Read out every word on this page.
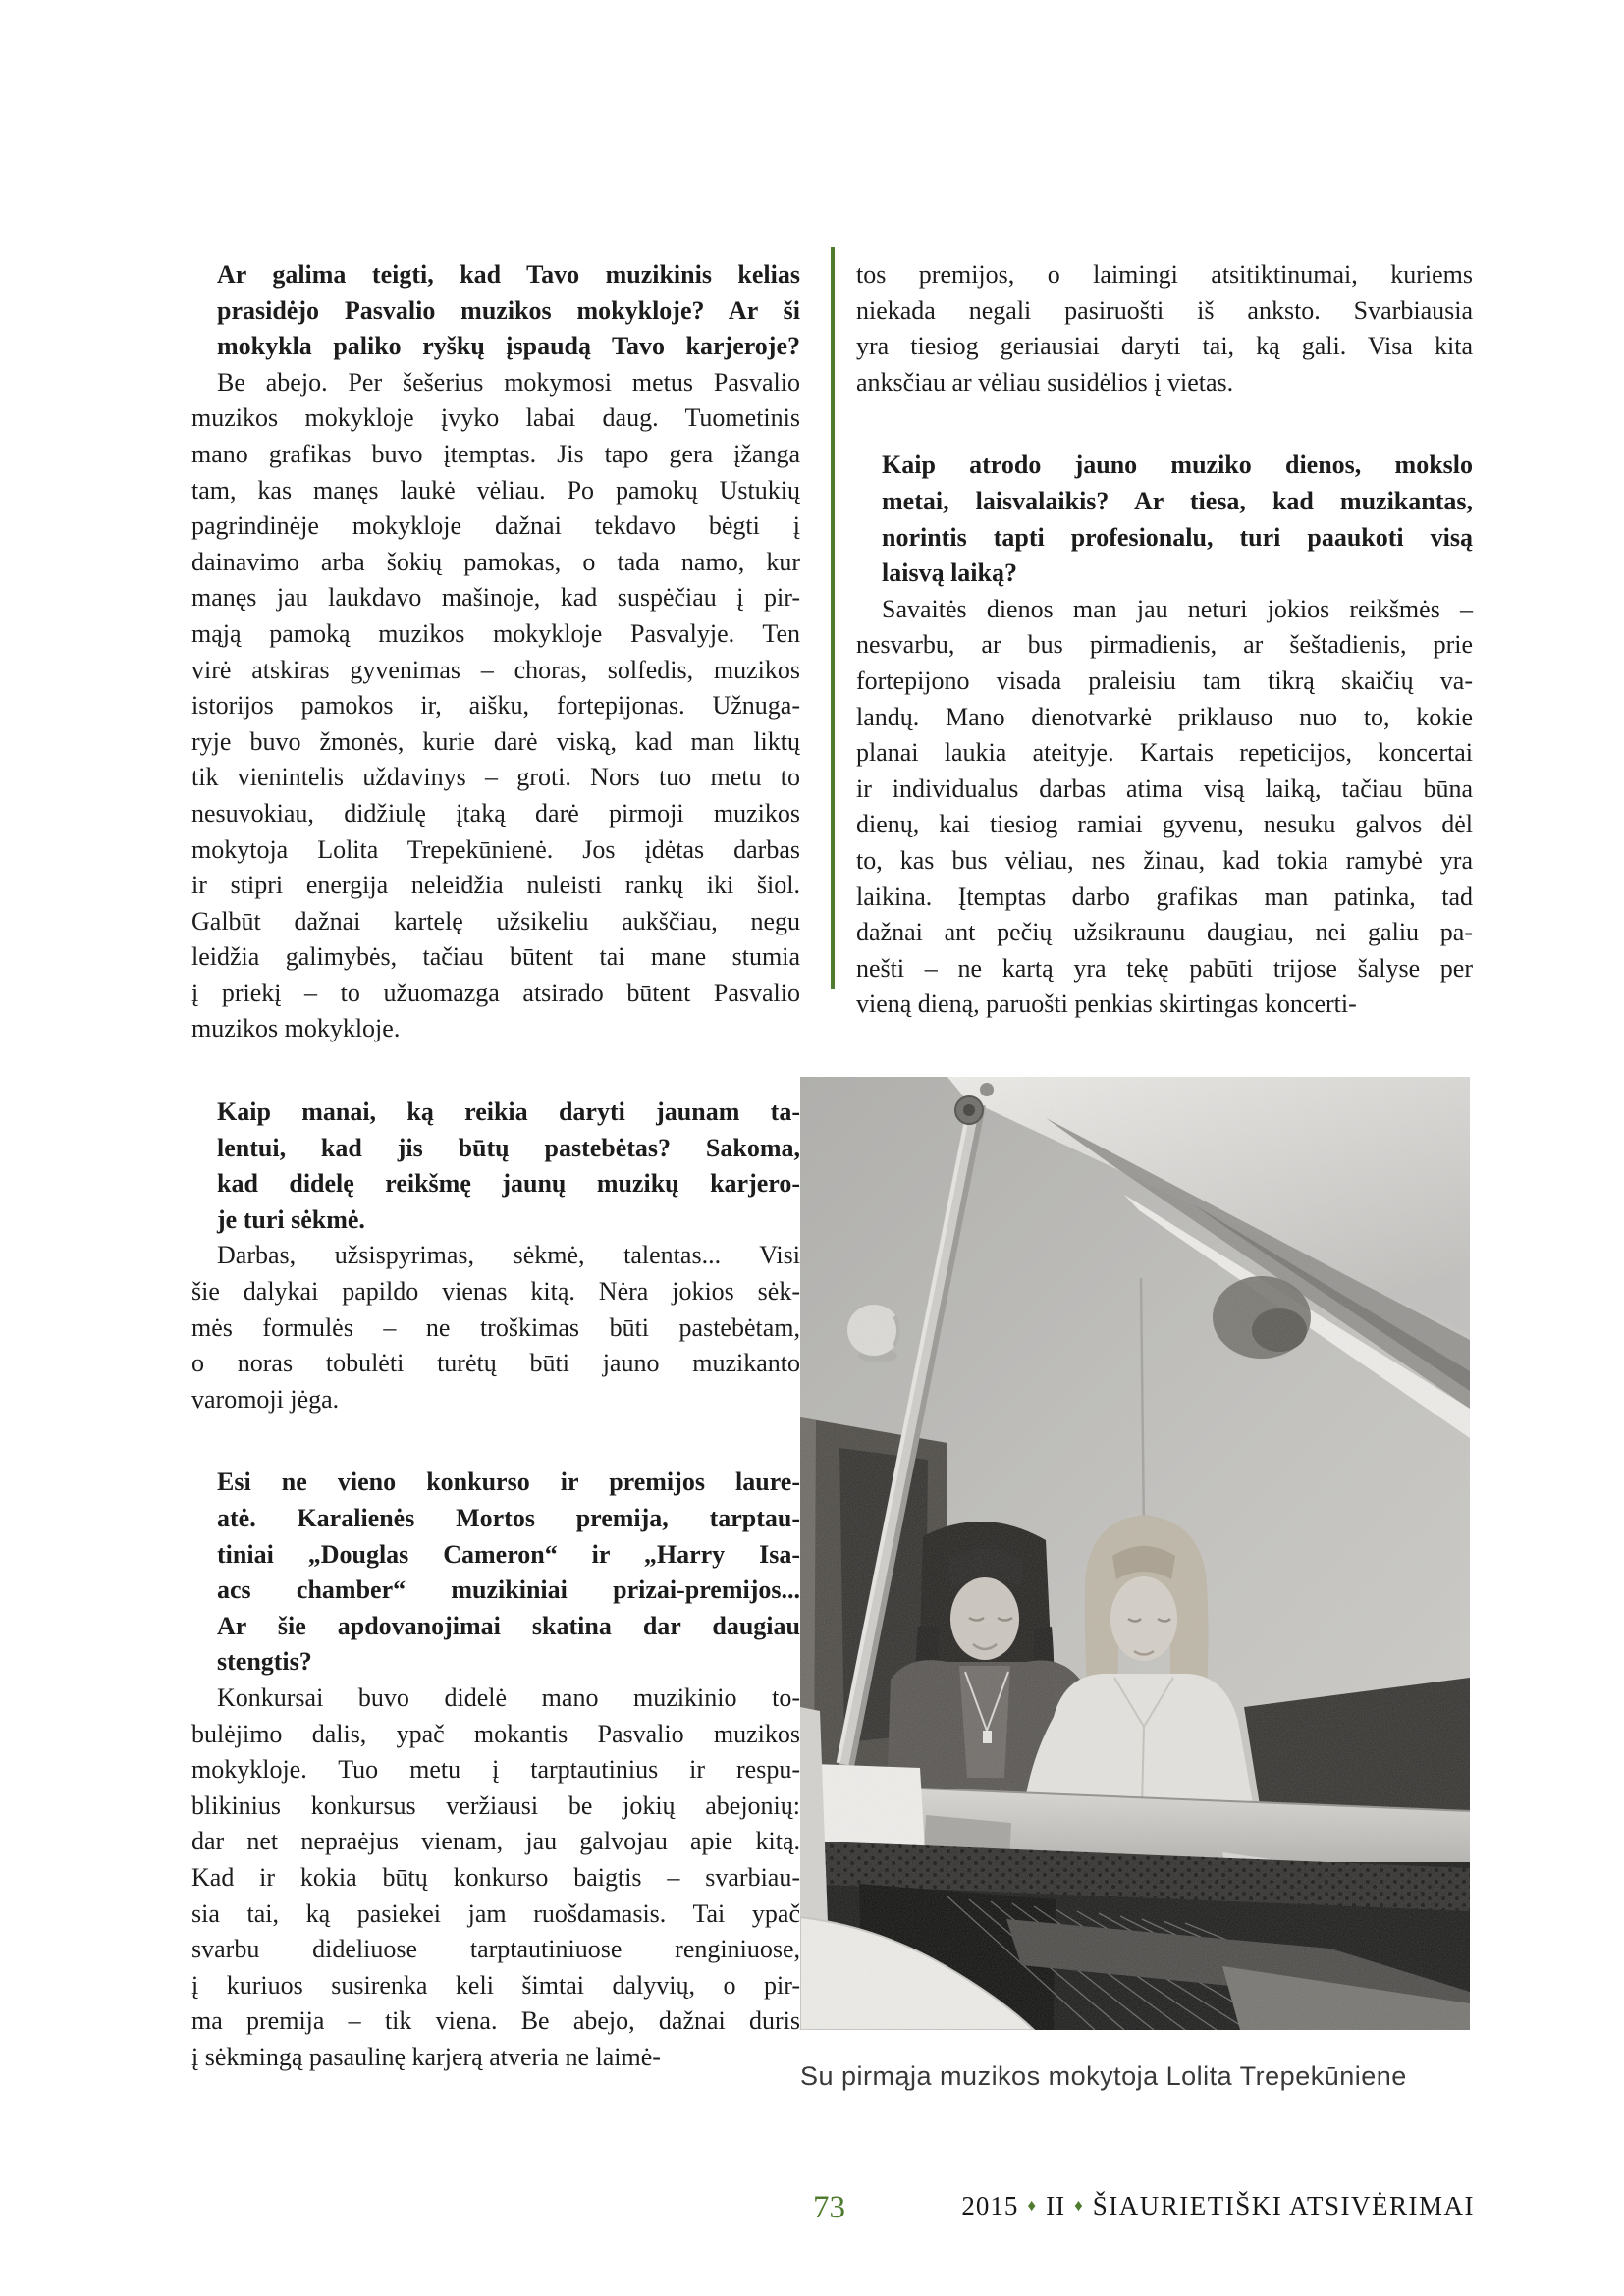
Ar galima teigti, kad Tavo muzikinis kelias
prasidėjo Pasvalio muzikos mokykloje? Ar ši
mokykla paliko ryškų įspaudą Tavo karjeroje?
Be abejo. Per šešerius mokymosi metus Pasvalio
muzikos mokykloje įvyko labai daug. Tuometinis
mano grafikas buvo įtemptas. Jis tapo gera įžanga
tam, kas manęs laukė vėliau. Po pamokų Ustukių
pagrindinėje mokykloje dažnai tekdavo bėgti į
dainavimo arba šokių pamokas, o tada namo, kur
manęs jau laukdavo mašinoje, kad suspėčiau į pir-
mąją pamoką muzikos mokykloje Pasvalyje. Ten
virė atskiras gyvenimas – choras, solfedis, muzikos
istorijos pamokos ir, aišku, fortepijonas. Užnuga-
ryje buvo žmonės, kurie darė viską, kad man liktų
tik vienintelis uždavinys – groti. Nors tuo metu to
nesuvokiau, didžiulę įtaką darė pirmoji muzikos
mokytoja Lolita Trepekūnienė. Jos įdėtas darbas
ir stipri energija neleidžia nuleisti rankų iki šiol.
Galbūt dažnai kartelę užsikeliu aukščiau, negu
leidžia galimybės, tačiau būtent tai mane stumia
į priekį – to užuomazga atsirado būtent Pasvalio
muzikos mokykloje.
Kaip manai, ką reikia daryti jaunam ta-
lentui, kad jis būtų pastebėtas? Sakoma,
kad didelę reikšmę jaunų muzikų karjero-
je turi sėkmė.
Darbas, užsispyrimas, sėkmė, talentas... Visi
šie dalykai papildo vienas kitą. Nėra jokios sėk-
mės formulės – ne troškimas būti pastebėtam,
o noras tobulėti turėtų būti jauno muzikanto
varomoji jėga.
Esi ne vieno konkurso ir premijos laure-
atė. Karalienės Mortos premija, tarptau-
tiniai „Douglas Cameron“ ir „Harry Isa-
acs chamber“ muzikiniai prizai-premijos...
Ar šie apdovanojimai skatina dar daugiau
stengtis?
Konkursai buvo didelė mano muzikinio to-
bulėjimo dalis, ypač mokantis Pasvalio muzikos
mokykloje. Tuo metu į tarptautinius ir respu-
blikinius konkursus veržiausi be jokių abejonių:
dar net nepraėjus vienam, jau galvojau apie kitą.
Kad ir kokia būtų konkurso baigtis – svarbiau-
sia tai, ką pasiekei jam ruošdamasis. Tai ypač
svarbu dideliuose tarptautiniuose renginiuose,
į kuriuos susirenka keli šimtai dalyvių, o pir-
ma premija – tik viena. Be abejo, dažnai duris
į sėkmingą pasaulinę karjerą atveria ne laimė-
tos premijos, o laimingi atsitiktinumai, kuriems
niekada negali pasiruošti iš anksto. Svarbiausia
yra tiesiog geriausiai daryti tai, ką gali. Visa kita
anksčiau ar vėliau susidėlios į vietas.
Kaip atrodo jauno muziko dienos, mokslo
metai, laisvalaikis? Ar tiesa, kad muzikantas,
norintis tapti profesionalu, turi paaukoti visą
laisvą laiką?
Savaitės dienos man jau neturi jokios reikšmės –
nesvarbu, ar bus pirmadienis, ar šeštadienis, prie
fortepijono visada praleisiu tam tikrą skaičių va-
landų. Mano dienotvarkė priklauso nuo to, kokie
planai laukia ateityje. Kartais repeticijos, koncertai
ir individualus darbas atima visą laiką, tačiau būna
dienų, kai tiesiog ramiai gyvenu, nesuku galvos dėl
to, kas bus vėliau, nes žinau, kad tokia ramybė yra
laikina. Įtemptas darbo grafikas man patinka, tad
dažnai ant pečių užsikraunu daugiau, nei galiu pa-
nešti – ne kartą yra tekę pabūti trijose šalyse per
vieną dieną, paruošti penkias skirtingas koncerti-
Su pirmąja muzikos mokytoja Lolita Trepekūniene
73	2015 ♦ II ♦ ŠIAURIETIŠKI ATSIVĖRIMAI
